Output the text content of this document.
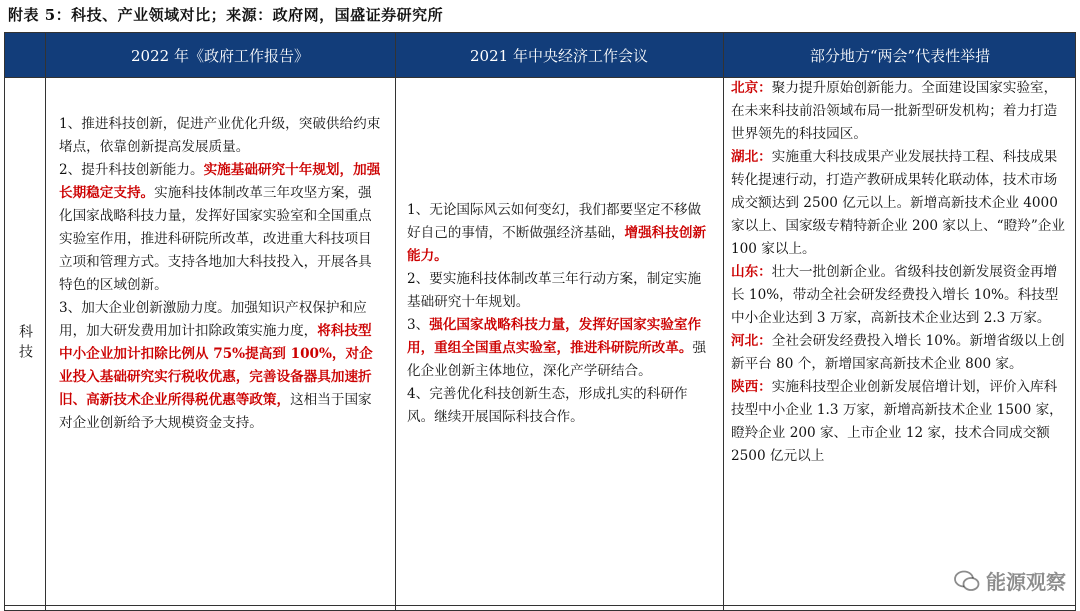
附表 5：科技、产业领域对比；来源：政府网，国盛证券研究所
2022 年《政府工作报告》	2021 年中央经济工作会议	部分地方“两会”代表性举措
科技

1、推进科技创新，促进产业优化升级，突破供给约束堵点，依靠创新提高发展质量。

2、提升科技创新能力。实施基础研究十年规划，加强长期稳定支持。实施科技体制改革三年攻坚方案，强化国家战略科技力量，发挥好国家实验室和全国重点实验室作用，推进科研院所改革，改进重大科技项目立项和管理方式。支持各地加大科技投入，开展各具特色的区域创新。

3、加大企业创新激励力度。加强知识产权保护和应用，加大研发费用加计扣除政策实施力度，将科技型中小企业加计扣除比例从 75%提高到 100%，对企业投入基础研究实行税收优惠，完善设备器具加速折旧、高新技术企业所得税优惠等政策，这相当于国家对企业创新给予大规模资金支持。

1、无论国际风云如何变幻，我们都要坚定不移做好自己的事情，不断做强经济基础，增强科技创新能力。

2、要实施科技体制改革三年行动方案，制定实施基础研究十年规划。

3、强化国家战略科技力量，发挥好国家实验室作用，重组全国重点实验室，推进科研院所改革。强化企业创新主体地位，深化产学研结合。

4、完善优化科技创新生态，形成扎实的科研作风。继续开展国际科技合作。

北京：聚力提升原始创新能力。全面建设国家实验室，在未来科技前沿领域布局一批新型研发机构；着力打造世界领先的科技园区。

湖北：实施重大科技成果产业发展扶持工程、科技成果转化提速行动，打造产教研成果转化联动体，技术市场成交额达到 2500 亿元以上。新增高新技术企业 4000 家以上、国家级专精特新企业 200 家以上、“瞪羚”企业 100 家以上。

山东：壮大一批创新企业。省级科技创新发展资金再增长 10%，带动全社会研发经费投入增长 10%。科技型中小企业达到 3 万家，高新技术企业达到 2.3 万家。

河北：全社会研发经费投入增长 10%。新增省级以上创新平台 80 个，新增国家高新技术企业 800 家。

陕西：实施科技型企业创新发展倍增计划，评价入库科技型中小企业 1.3 万家，新增高新技术企业 1500 家，瞪羚企业 200 家、上市企业 12 家，技术合同成交额 2500 亿元以上

能源观察
